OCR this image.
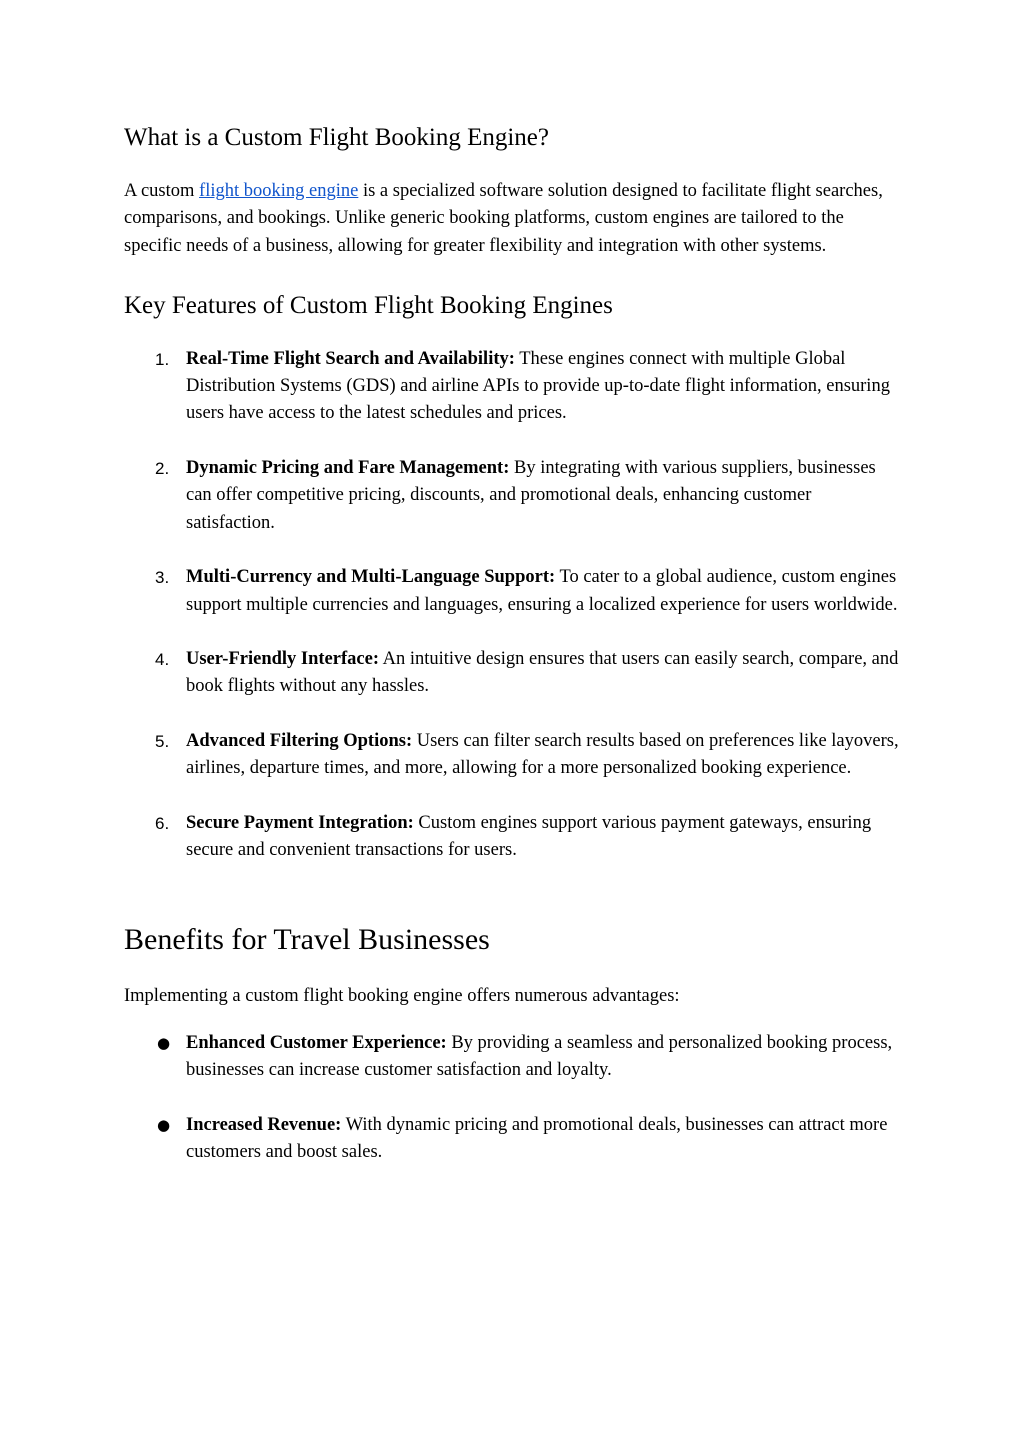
What is a Custom Flight Booking Engine?

A custom flight booking engine is a specialized software solution designed to facilitate flight searches, comparisons, and bookings. Unlike generic booking platforms, custom engines are tailored to the specific needs of a business, allowing for greater flexibility and integration with other systems.

Key Features of Custom Flight Booking Engines
1. Real-Time Flight Search and Availability: These engines connect with multiple Global Distribution Systems (GDS) and airline APIs to provide up-to-date flight information, ensuring users have access to the latest schedules and prices.
2. Dynamic Pricing and Fare Management: By integrating with various suppliers, businesses can offer competitive pricing, discounts, and promotional deals, enhancing customer satisfaction.
3. Multi-Currency and Multi-Language Support: To cater to a global audience, custom engines support multiple currencies and languages, ensuring a localized experience for users worldwide.
4. User-Friendly Interface: An intuitive design ensures that users can easily search, compare, and book flights without any hassles.
5. Advanced Filtering Options: Users can filter search results based on preferences like layovers, airlines, departure times, and more, allowing for a more personalized booking experience.
6. Secure Payment Integration: Custom engines support various payment gateways, ensuring secure and convenient transactions for users.
Benefits for Travel Businesses

Implementing a custom flight booking engine offers numerous advantages:

● Enhanced Customer Experience: By providing a seamless and personalized booking process, businesses can increase customer satisfaction and loyalty.
● Increased Revenue: With dynamic pricing and promotional deals, businesses can attract more customers and boost sales.
